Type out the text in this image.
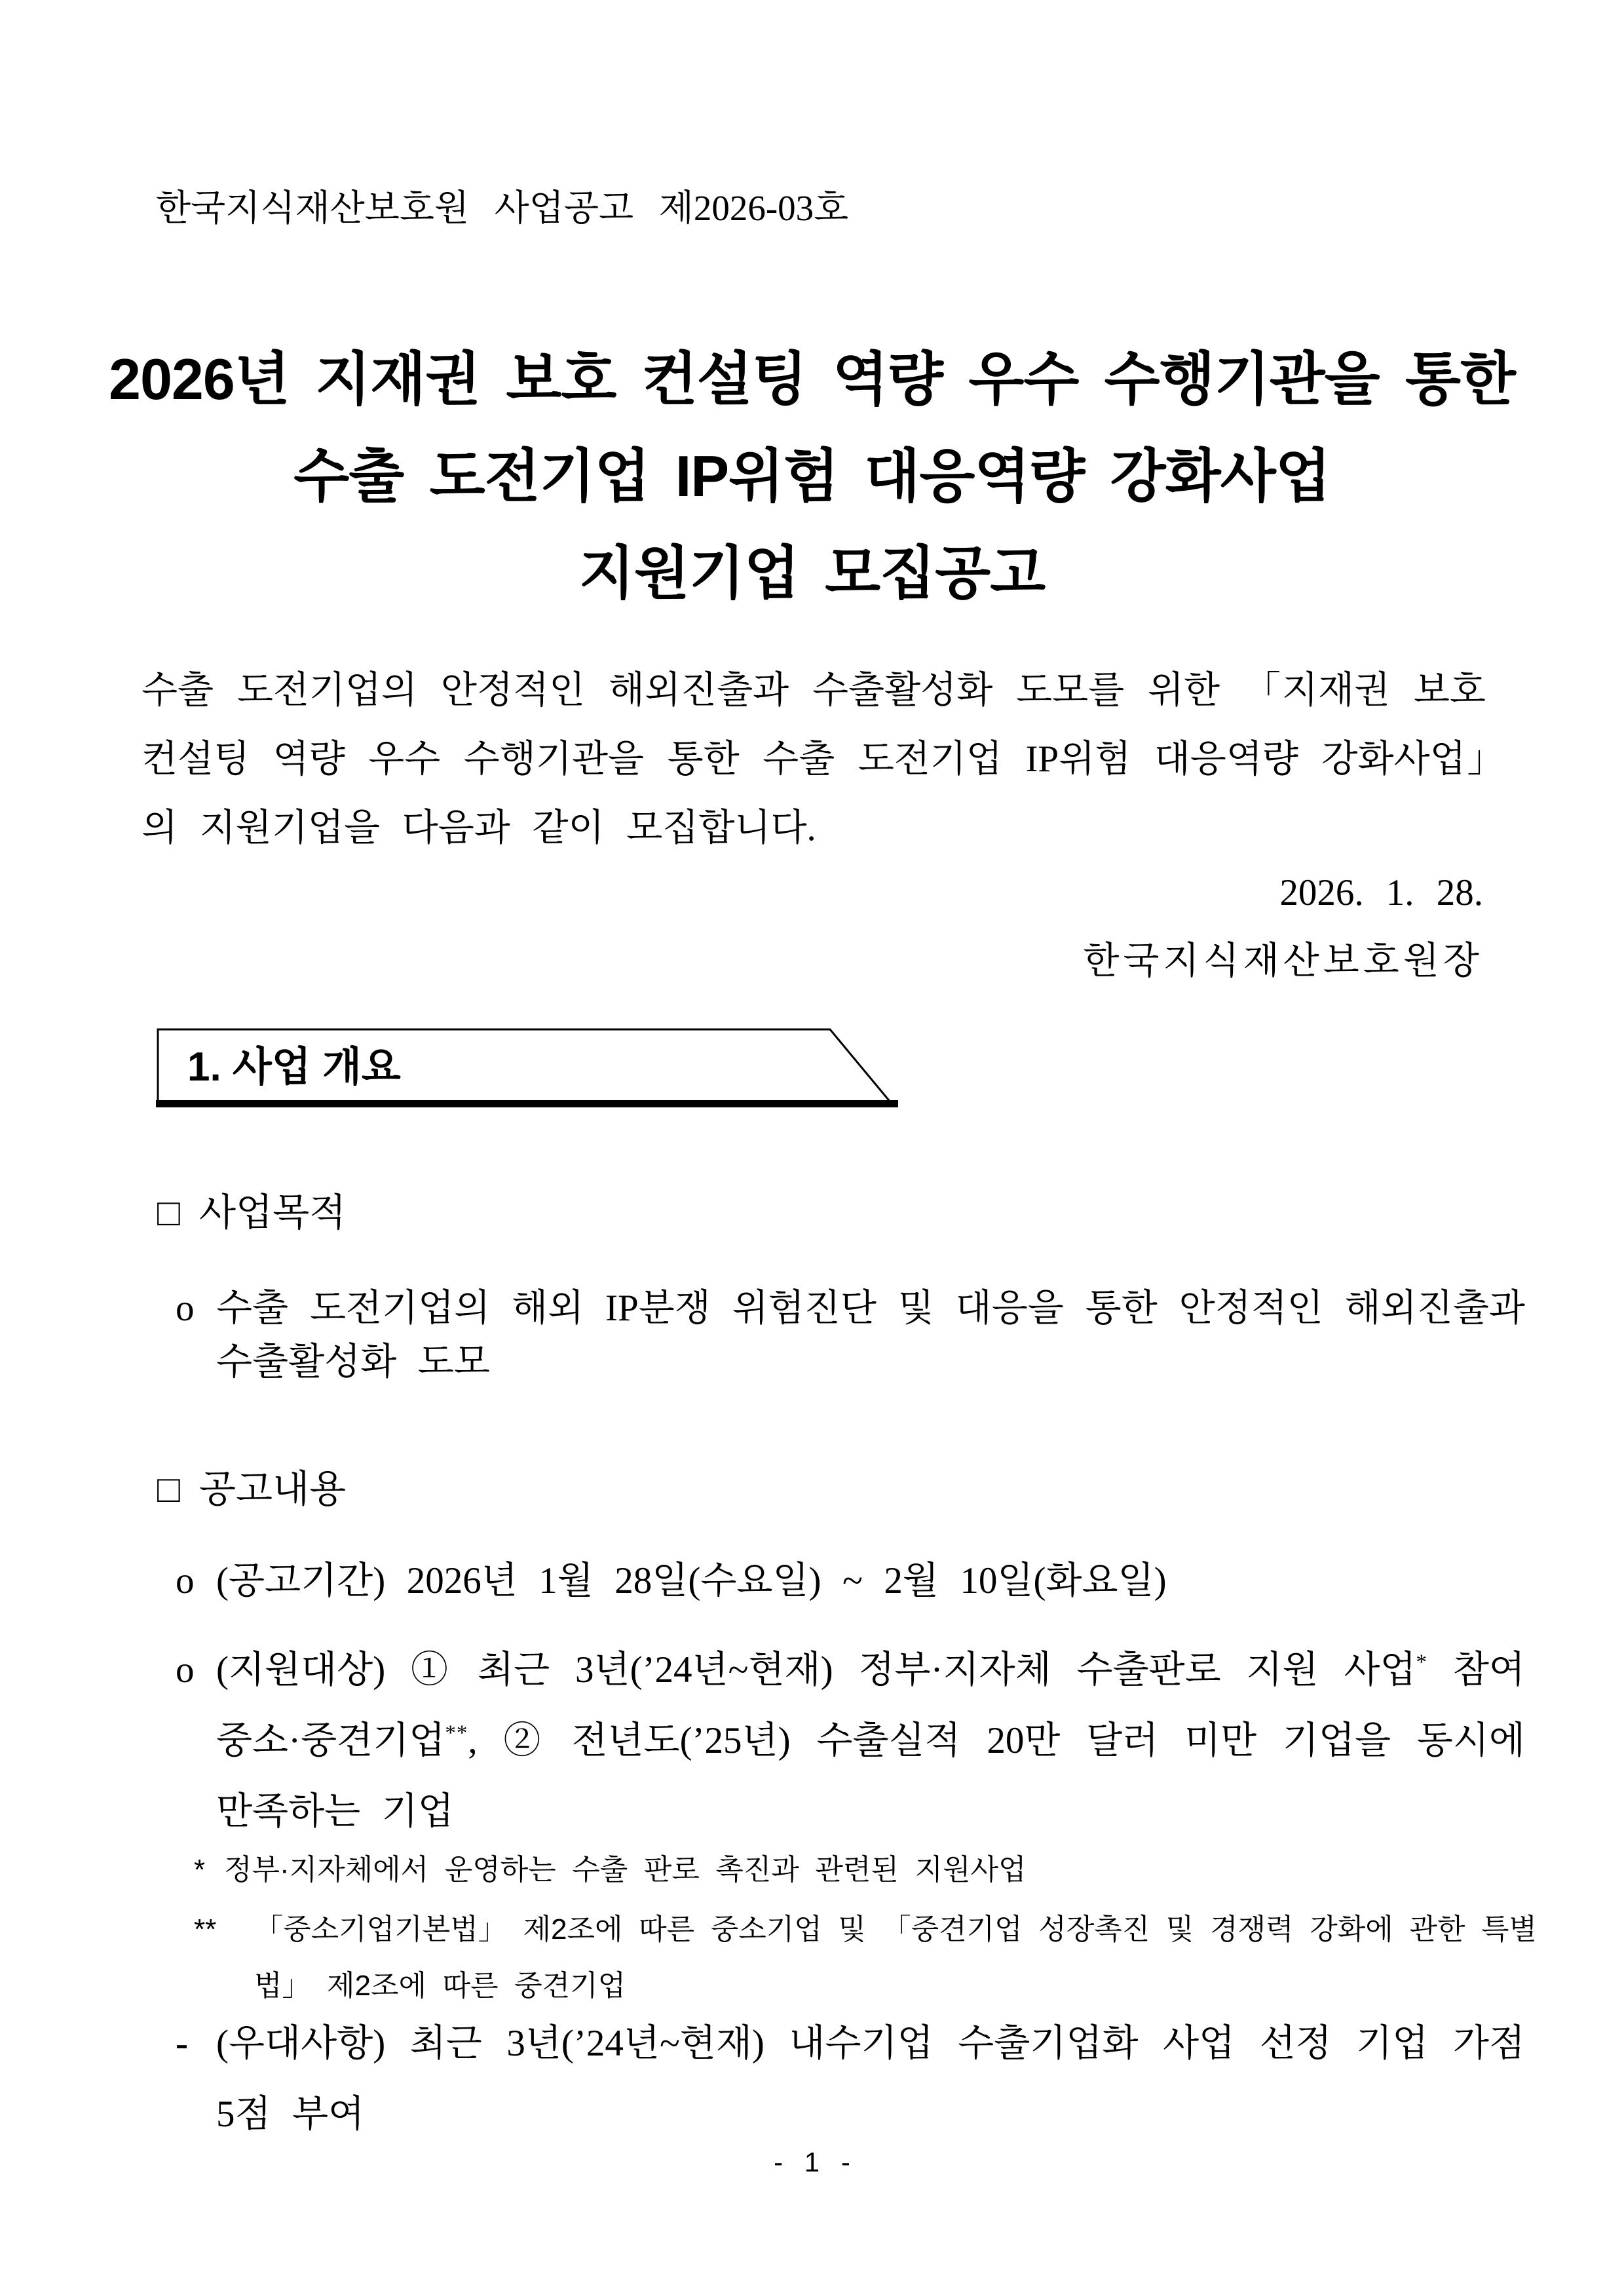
한국지식재산보호원 사업공고 제2026-03호
2026년 지재권 보호 컨설팅 역량 우수 수행기관을 통한
수출 도전기업 IP위험 대응역량 강화사업
지원기업 모집공고
수출 도전기업의 안정적인 해외진출과 수출활성화 도모를 위한 「지재권 보호 컨설팅 역량 우수 수행기관을 통한 수출 도전기업 IP위험 대응역량 강화사업」의 지원기업을 다음과 같이 모집합니다.
2026. 1. 28.
한국지식재산보호원장
1. 사업 개요
□ 사업목적
o 수출 도전기업의 해외 IP분쟁 위험진단 및 대응을 통한 안정적인 해외진출과 수출활성화 도모
□ 공고내용
o (공고기간) 2026년 1월 28일(수요일) ~ 2월 10일(화요일)
o (지원대상) ① 최근 3년(’24년~현재) 정부·지자체 수출판로 지원 사업* 참여 중소·중견기업**, ② 전년도(’25년) 수출실적 20만 달러 미만 기업을 동시에 만족하는 기업
* 정부·지자체에서 운영하는 수출 판로 촉진과 관련된 지원사업
** 「중소기업기본법」 제2조에 따른 중소기업 및 「중견기업 성장촉진 및 경쟁력 강화에 관한 특별법」 제2조에 따른 중견기업
- (우대사항) 최근 3년(’24년~현재) 내수기업 수출기업화 사업 선정 기업 가점 5점 부여
- 1 -
